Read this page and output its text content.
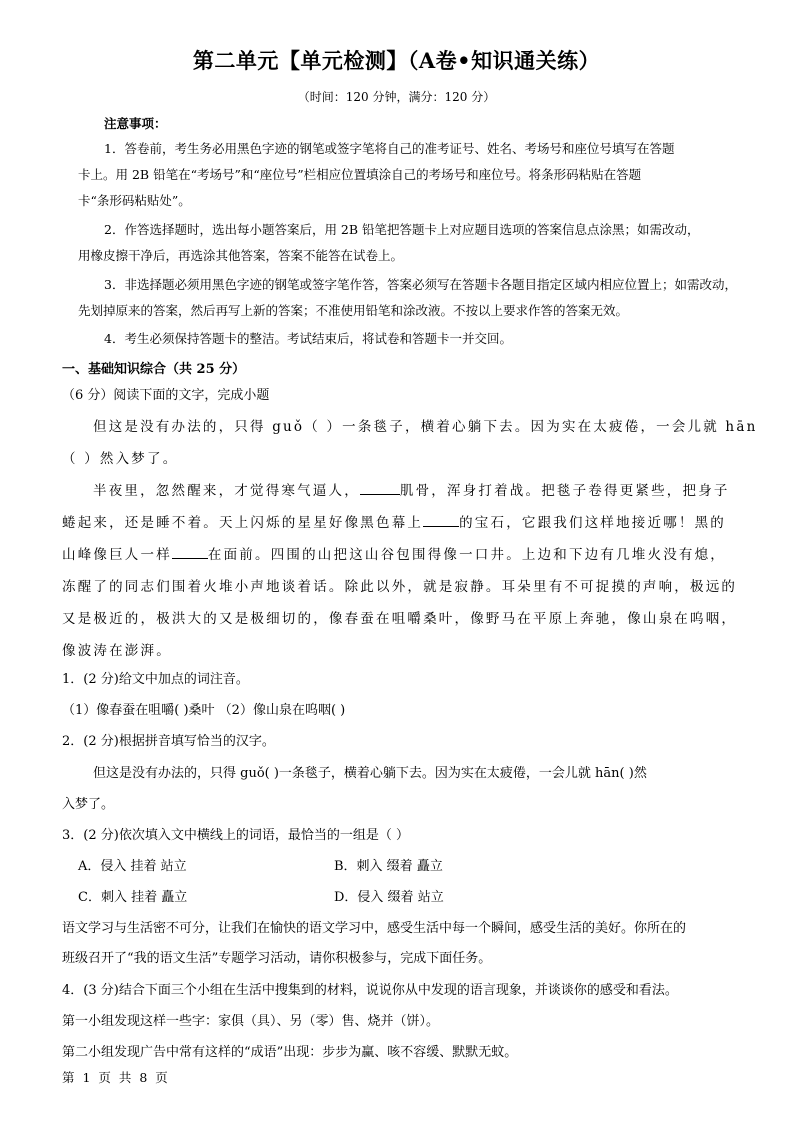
第二单元【单元检测】（A卷•知识通关练）
（时间：120 分钟，满分：120 分）
注意事项：
1．答卷前，考生务必用黑色字迹的钢笔或签字笔将自己的准考证号、姓名、考场号和座位号填写在答题
卡上。用 2B 铅笔在“考场号”和“座位号”栏相应位置填涂自己的考场号和座位号。将条形码粘贴在答题
卡“条形码粘贴处”。
2．作答选择题时，选出每小题答案后，用 2B 铅笔把答题卡上对应题目选项的答案信息点涂黑；如需改动，
用橡皮擦干净后，再选涂其他答案，答案不能答在试卷上。
3．非选择题必须用黑色字迹的钢笔或签字笔作答，答案必须写在答题卡各题目指定区域内相应位置上；如需改动，
先划掉原来的答案，然后再写上新的答案；不准使用铅笔和涂改液。不按以上要求作答的答案无效。
4．考生必须保持答题卡的整洁。考试结束后，将试卷和答题卡一并交回。
一、基础知识综合（共 25 分）
（6 分）阅读下面的文字，完成小题
但这是没有办法的，只得 guǒ（ ）一条毯子，横着心躺下去。因为实在太疲倦，一会儿就 hān
（ ）然入梦了。
半夜里，忽然醒来，才觉得寒气逼人，	肌骨，浑身打着战。把毯子卷得更紧些，把身子
蜷起来，还是睡不着。天上闪烁的星星好像黑色幕上	的宝石，它跟我们这样地接近哪！黑的
山峰像巨人一样	在面前。四围的山把这山谷包围得像一口井。上边和下边有几堆火没有熄，
冻醒了的同志们围着火堆小声地谈着话。除此以外，就是寂静。耳朵里有不可捉摸的声响，极远的
又是极近的，极洪大的又是极细切的，像春蚕在咀嚼桑叶，像野马在平原上奔驰，像山泉在呜咽，
像波涛在澎湃。
1．(2 分)给文中加点的词注音。
（1）像春蚕在咀嚼( )桑叶 （2）像山泉在呜咽( )
2．(2 分)根据拼音填写恰当的汉字。
但这是没有办法的，只得 guǒ( )一条毯子，横着心躺下去。因为实在太疲倦，一会儿就 hān( )然
入梦了。
3．(2 分)依次填入文中横线上的词语，最恰当的一组是（ ）
A．侵入 挂着 站立	B．刺入 缀着 矗立
C．刺入 挂着 矗立	D．侵入 缀着 站立
语文学习与生活密不可分，让我们在愉快的语文学习中，感受生活中每一个瞬间，感受生活的美好。你所在的
班级召开了“我的语文生活”专题学习活动，请你积极参与，完成下面任务。
4．(3 分)结合下面三个小组在生活中搜集到的材料，说说你从中发现的语言现象，并谈谈你的感受和看法。
第一小组发现这样一些字：家俱（具）、另（零）售、烧并（饼）。
第二小组发现广告中常有这样的“成语”出现：步步为赢、咳不容缓、默默无蚊。
第 1 页 共 8 页
